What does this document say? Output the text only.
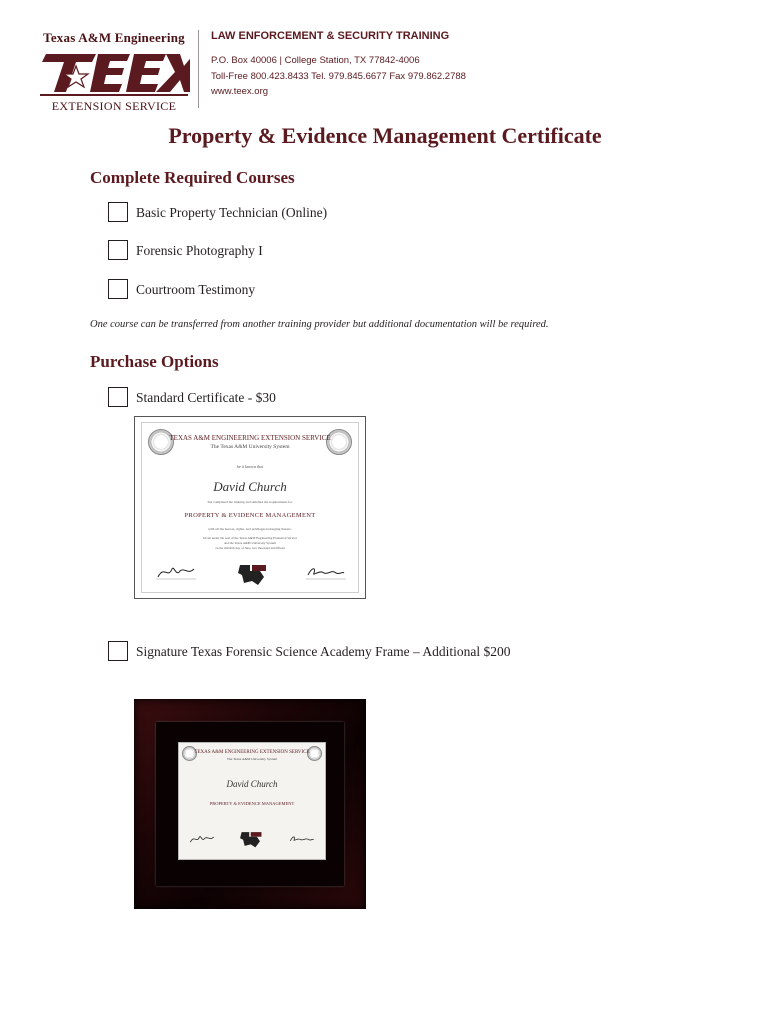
Texas A&M Engineering
EXTENSION SERVICE
LAW ENFORCEMENT & SECURITY TRAINING
P.O. Box 40006 | College Station, TX 77842-4006
Toll-Free 800.423.8433 Tel. 979.845.6677 Fax 979.862.2788
www.teex.org
Property & Evidence Management Certificate
Complete Required Courses
Basic Property Technician (Online)
Forensic Photography I
Courtroom Testimony
One course can be transferred from another training provider but additional documentation will be required.
Purchase Options
Standard Certificate - $30
TEXAS A&M ENGINEERING EXTENSION SERVICE
The Texas A&M University System
be it known that
David Church
has completed the training and satisfied the requirements for
PROPERTY & EVIDENCE MANAGEMENT
with all the honors, rights, and privileges belonging thereto.
Given under the seal of the Texas A&M Engineering Extension Service
and the Texas A&M University System
on the thirtieth day of June, two thousand and fifteen
Signature Texas Forensic Science Academy Frame – Additional $200
TEXAS A&M ENGINEERING EXTENSION SERVICE
The Texas A&M University System
David Church
PROPERTY & EVIDENCE MANAGEMENT
